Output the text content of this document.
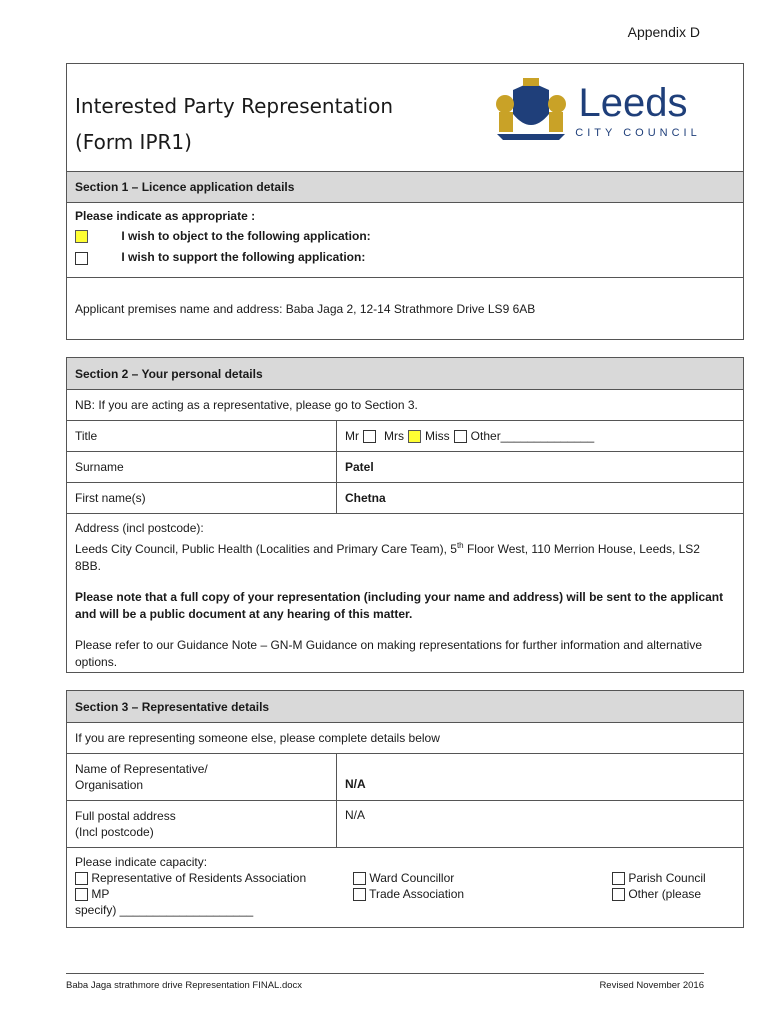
Appendix D
Interested Party Representation
(Form IPR1)
Leeds
CITY COUNCIL
Section 1 – Licence application details
Please indicate as appropriate :
I wish to object to the following application:
I wish to support the following application:
Applicant premises name and address: Baba Jaga 2, 12-14 Strathmore Drive LS9 6AB
Section 2 – Your personal details
NB: If you are acting as a representative, please go to Section 3.
Title	Mr Mrs Miss Other______________
Surname	Patel
First name(s)	Chetna
Address (incl postcode):
Leeds City Council, Public Health (Localities and Primary Care Team), 5th Floor West, 110 Merrion House, Leeds, LS2
8BB.
Please note that a full copy of your representation (including your name and address) will be sent to the applicant and will be a public document at any hearing of this matter.
Please refer to our Guidance Note – GN-M Guidance on making representations for further information and alternative options.
Section 3 – Representative details
If you are representing someone else, please complete details below
Name of Representative/
Organisation	N/A
Full postal address
(Incl postcode)
N/A
Please indicate capacity:
Representative of Residents Association	Ward Councillor	Parish Council
MP	Trade Association	Other (please
specify) ____________________
Baba Jaga strathmore drive Representation FINAL.docx	Revised November 2016
